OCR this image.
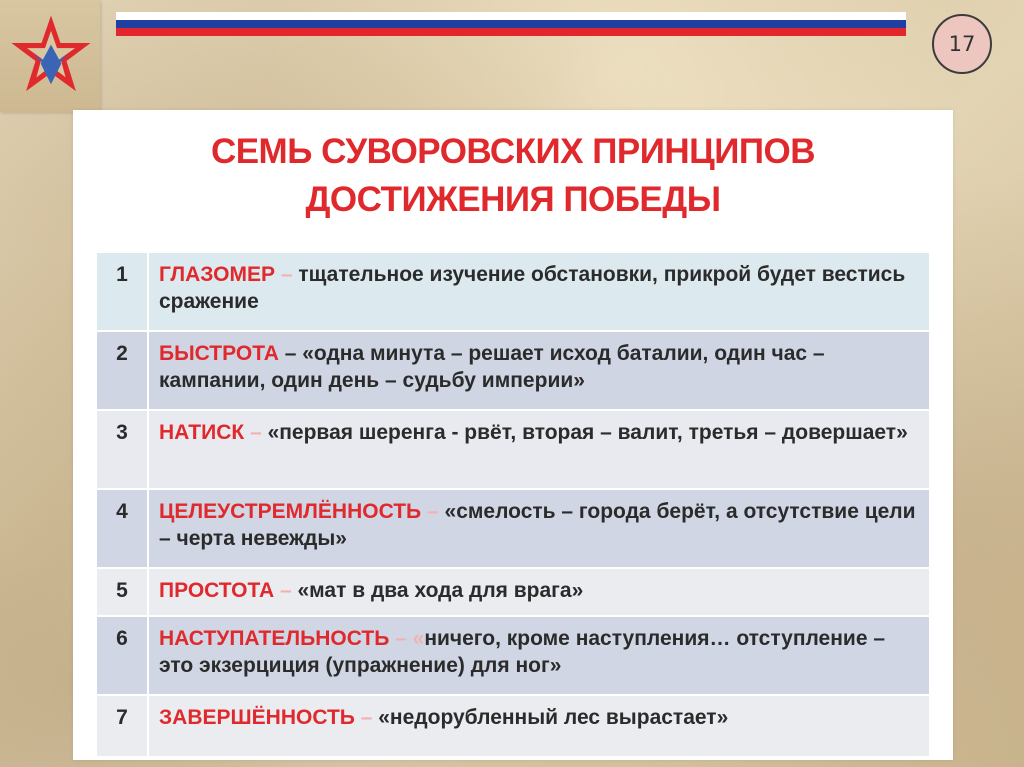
17
СЕМЬ СУВОРОВСКИХ ПРИНЦИПОВ
ДОСТИЖЕНИЯ ПОБЕДЫ
1	ГЛАЗОМЕР – тщательное изучение обстановки, прикрой будет вестись сражение
2	БЫСТРОТА – «одна минута – решает исход баталии, один час – кампании, один день – судьбу империи»
3	НАТИСК – «первая шеренга - рвёт, вторая – валит, третья – довершает»
4	ЦЕЛЕУСТРЕМЛЁННОСТЬ – «смелость – города берёт, а отсутствие цели – черта невежды»
5	ПРОСТОТА – «мат в два хода для врага»
6	НАСТУПАТЕЛЬНОСТЬ – «ничего, кроме наступления… отступление – это экзерциция (упражнение) для ног»
7	ЗАВЕРШЁННОСТЬ – «недорубленный лес вырастает»
